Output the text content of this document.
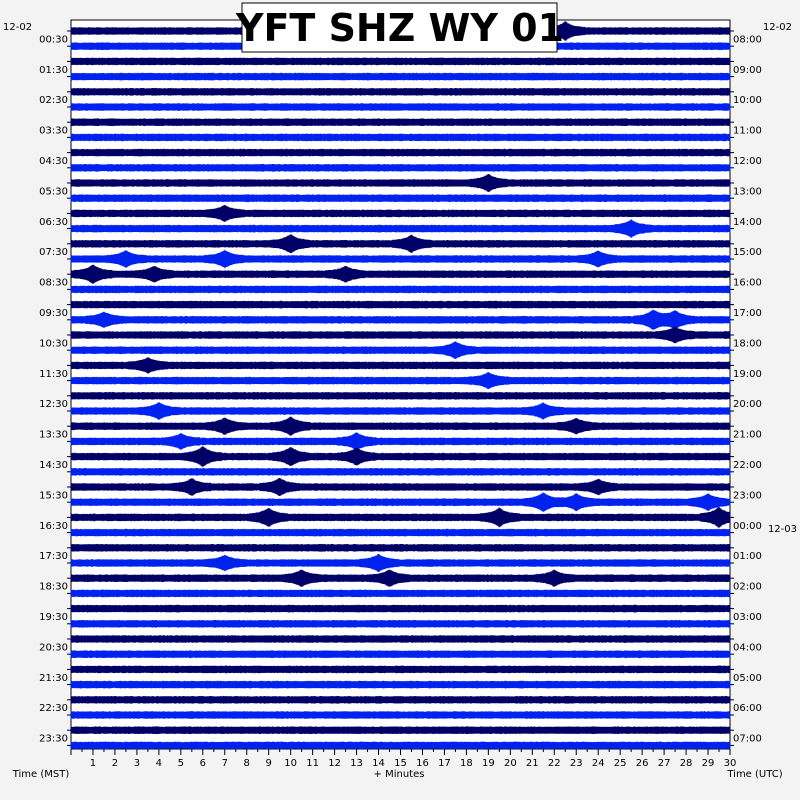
1 2 3 4 5 6 7 8 9 10 11 12 13 14 15 16 17 18 19 20 21 22 23 24 25 26 27 28 29 30
00:30
01:30
02:30
03:30
04:30
05:30
06:30
07:30
08:30
09:30
10:30
11:30
12:30
13:30
14:30
15:30
16:30
17:30
18:30
19:30
20:30
21:30
22:30
23:30
08:00
09:00
10:00
11:00
12:00
13:00
14:00
15:00
16:00
17:00
18:00
19:00
20:00
21:00
22:00
23:00
00:00
01:00
02:00
03:00
04:00
05:00
06:00
07:00
12-02	12-02
12-03
Time (MST)	+ Minutes	Time (UTC)
YFT SHZ WY 01
